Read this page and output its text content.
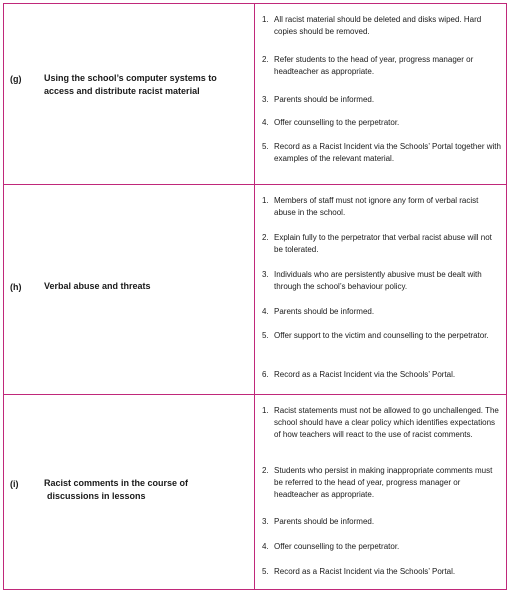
(g)	Using the school’s computer systems to
access and distribute racist material
1. All racist material should be deleted and disks wiped. Hard copies should be removed.
2. Refer students to the head of year, progress manager or headteacher as appropriate.
3. Parents should be informed.
4. Offer counselling to the perpetrator.
5. Record as a Racist Incident via the Schools’ Portal together with examples of the relevant material.
(h)	Verbal abuse and threats
1. Members of staff must not ignore any form of verbal racist abuse in the school.
2. Explain fully to the perpetrator that verbal racist abuse will not be tolerated.
3. Individuals who are persistently abusive must be dealt with through the school’s behaviour policy.
4. Parents should be informed.
5. Offer support to the victim and counselling to the perpetrator.
6. Record as a Racist Incident via the Schools’ Portal.
(i)	Racist comments in the course of
discussions in lessons
1. Racist statements must not be allowed to go unchallenged. The school should have a clear policy which identifies expectations of how teachers will react to the use of racist comments.
2. Students who persist in making inappropriate comments must be referred to the head of year, progress manager or headteacher as appropriate.
3. Parents should be informed.
4. Offer counselling to the perpetrator.
5. Record as a Racist Incident via the Schools’ Portal.
